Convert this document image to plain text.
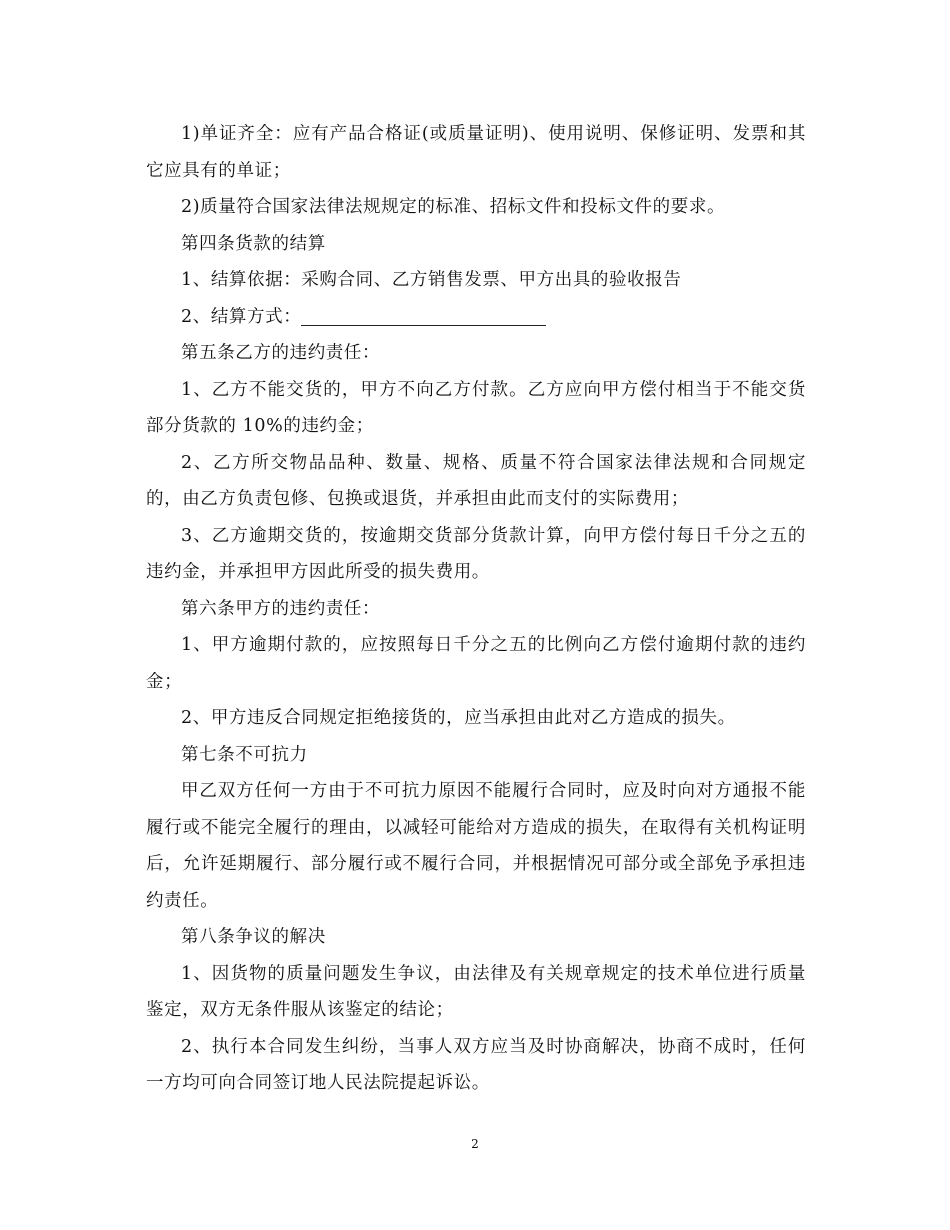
1)单证齐全：应有产品合格证(或质量证明)、使用说明、保修证明、发票和其它应具有的单证；

2)质量符合国家法律法规规定的标准、招标文件和投标文件的要求。

第四条货款的结算

1、结算依据：采购合同、乙方销售发票、甲方出具的验收报告

2、结算方式：

第五条乙方的违约责任：

1、乙方不能交货的，甲方不向乙方付款。乙方应向甲方偿付相当于不能交货部分货款的 10%的违约金；

2、乙方所交物品品种、数量、规格、质量不符合国家法律法规和合同规定的，由乙方负责包修、包换或退货，并承担由此而支付的实际费用；

3、乙方逾期交货的，按逾期交货部分货款计算，向甲方偿付每日千分之五的违约金，并承担甲方因此所受的损失费用。

第六条甲方的违约责任：

1、甲方逾期付款的，应按照每日千分之五的比例向乙方偿付逾期付款的违约金；

2、甲方违反合同规定拒绝接货的，应当承担由此对乙方造成的损失。

第七条不可抗力

甲乙双方任何一方由于不可抗力原因不能履行合同时，应及时向对方通报不能履行或不能完全履行的理由，以减轻可能给对方造成的损失，在取得有关机构证明后，允许延期履行、部分履行或不履行合同，并根据情况可部分或全部免予承担违约责任。

第八条争议的解决

1、因货物的质量问题发生争议，由法律及有关规章规定的技术单位进行质量鉴定，双方无条件服从该鉴定的结论；

2、执行本合同发生纠纷，当事人双方应当及时协商解决，协商不成时，任何一方均可向合同签订地人民法院提起诉讼。

2
